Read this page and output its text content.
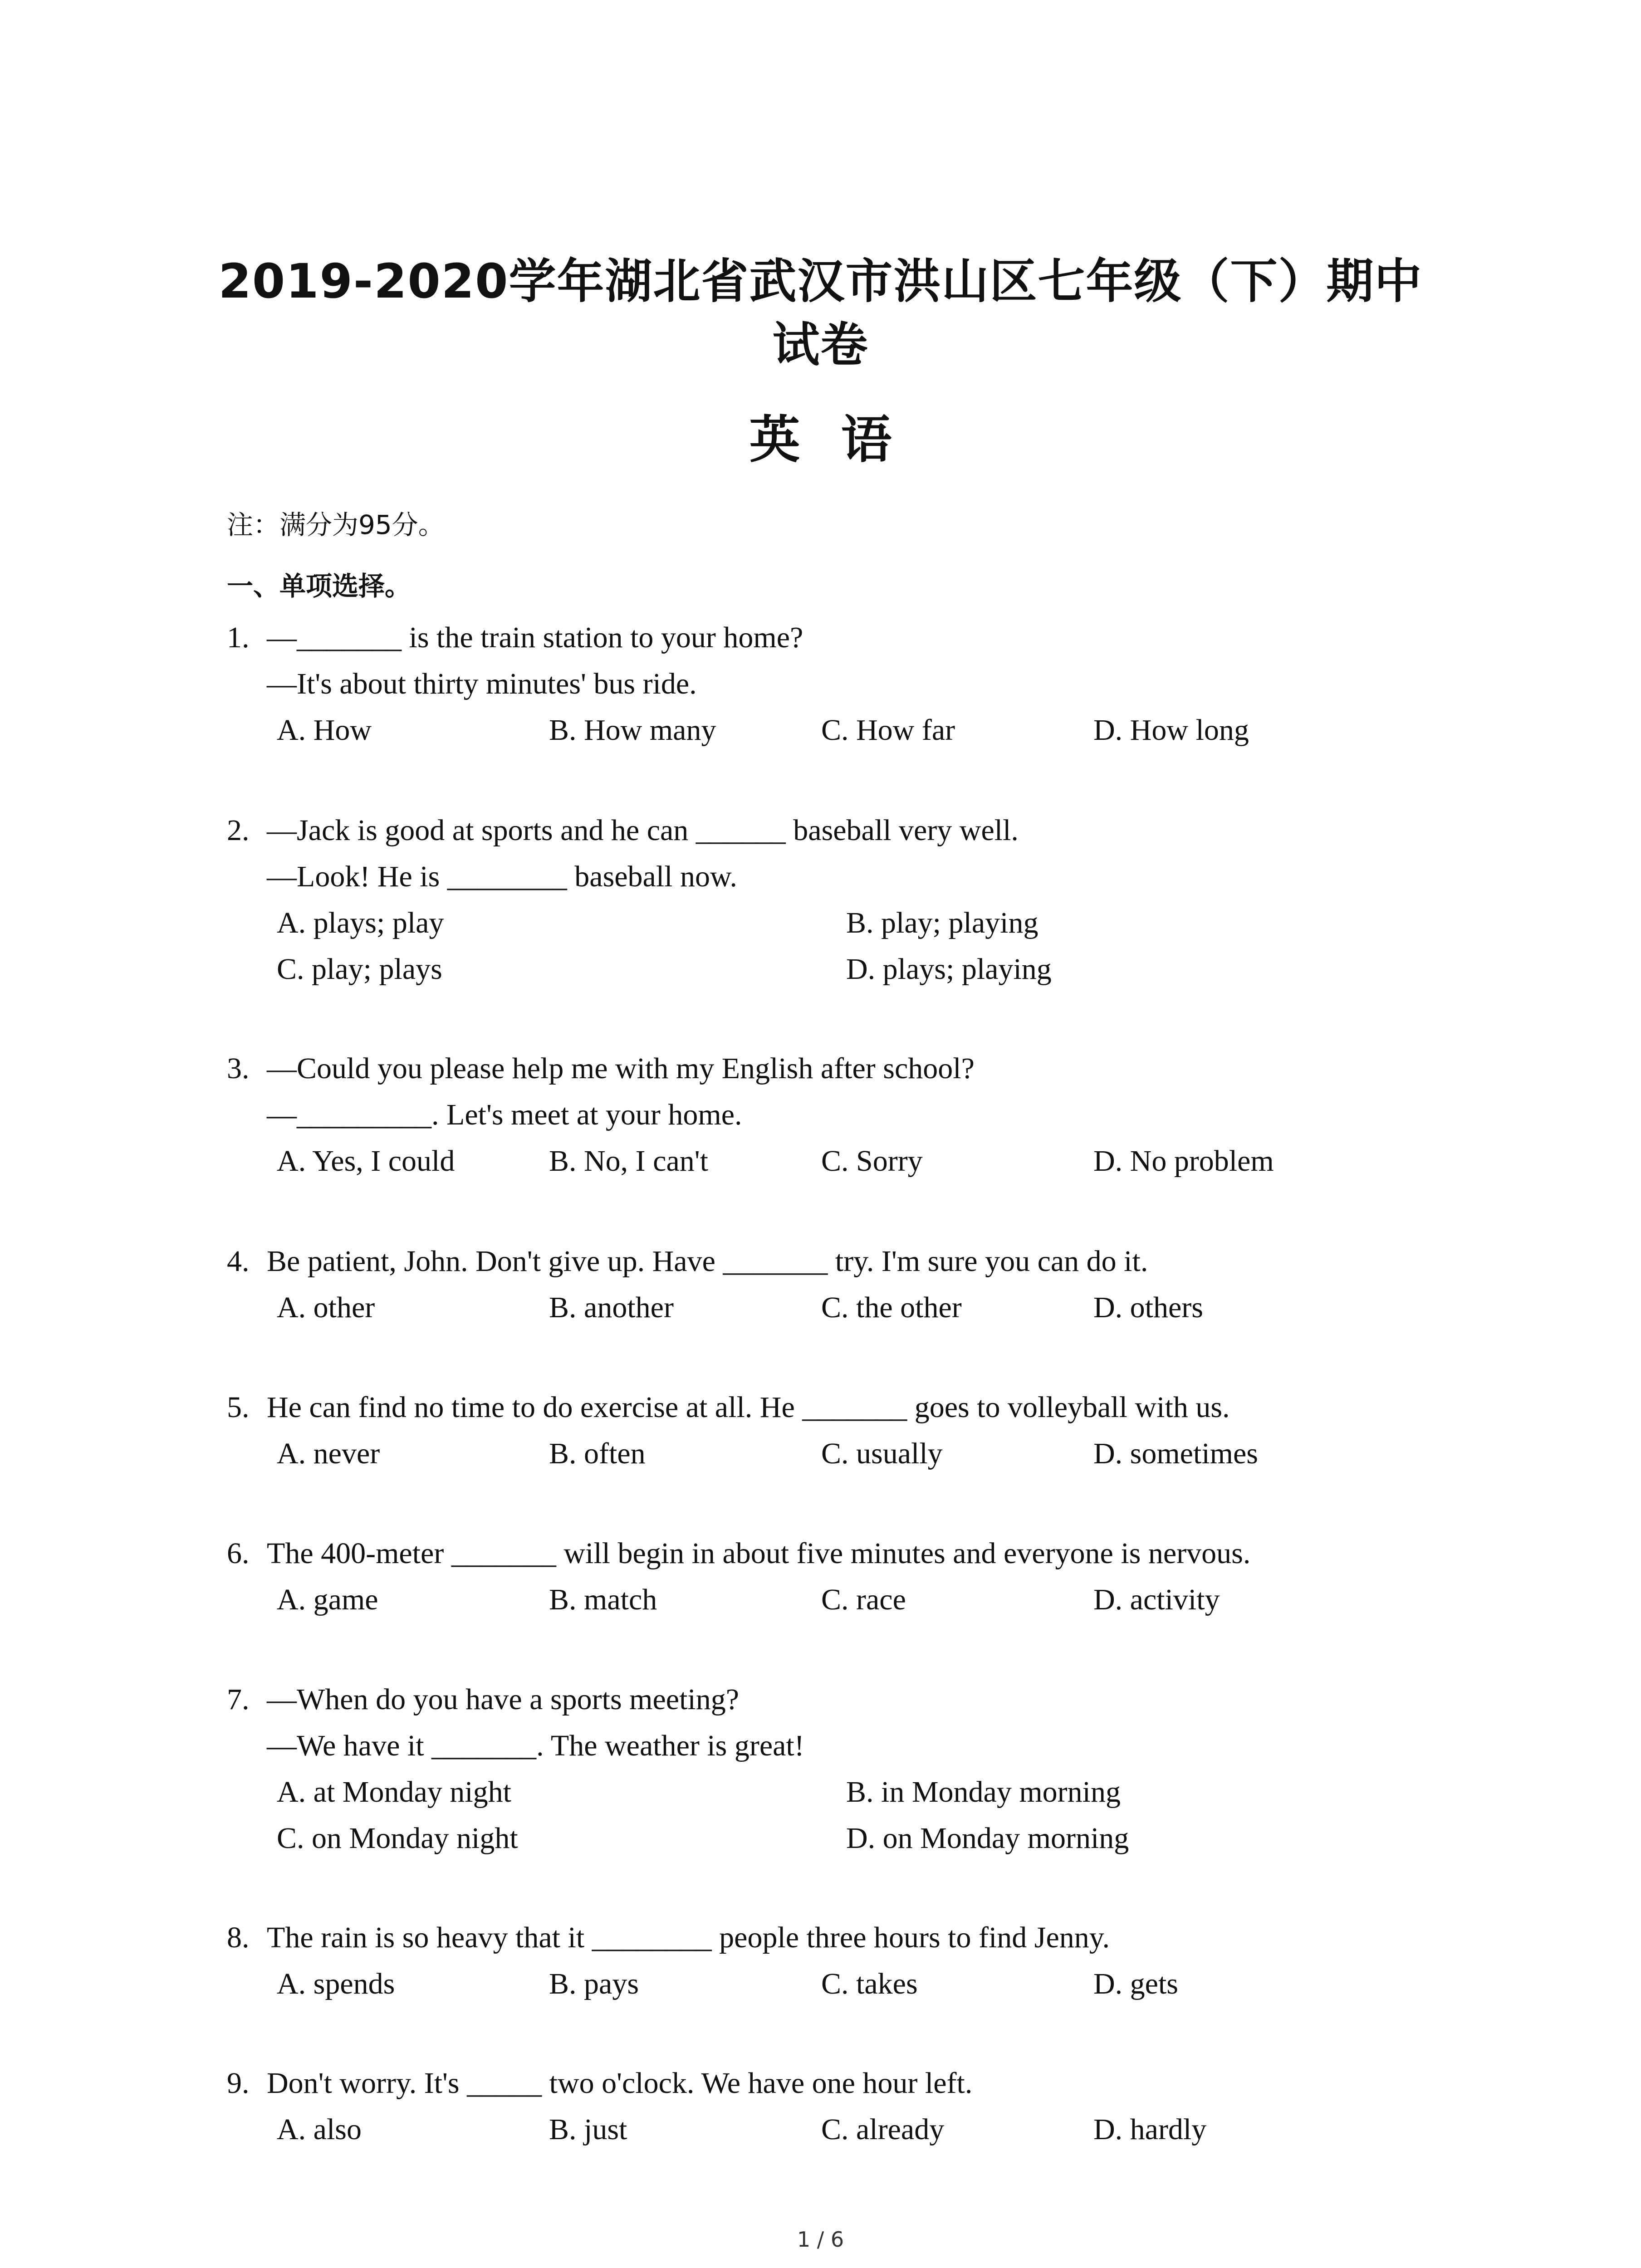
2019-2020学年湖北省武汉市洪山区七年级（下）期中
试卷
英语
注：满分为95分。
一、单项选择。
1. —_______ is the train station to your home?
—It's about thirty minutes' bus ride.
A. How	B. How many	C. How far	D. How long
2. —Jack is good at sports and he can ______ baseball very well.
—Look! He is ________ baseball now.
A. plays; play	B. play; playing
C. play; plays	D. plays; playing
3. —Could you please help me with my English after school?
—_________. Let's meet at your home.
A. Yes, I could	B. No, I can't	C. Sorry	D. No problem
4. Be patient, John. Don't give up. Have _______ try. I'm sure you can do it.
A. other	B. another	C. the other	D. others
5. He can find no time to do exercise at all. He _______ goes to volleyball with us.
A. never	B. often	C. usually	D. sometimes
6. The 400-meter _______ will begin in about five minutes and everyone is nervous.
A. game	B. match	C. race	D. activity
7. —When do you have a sports meeting?
—We have it _______. The weather is great!
A. at Monday night	B. in Monday morning
C. on Monday night	D. on Monday morning
8. The rain is so heavy that it ________ people three hours to find Jenny.
A. spends	B. pays	C. takes	D. gets
9. Don't worry. It's _____ two o'clock. We have one hour left.
A. also	B. just	C. already	D. hardly
1 / 6
